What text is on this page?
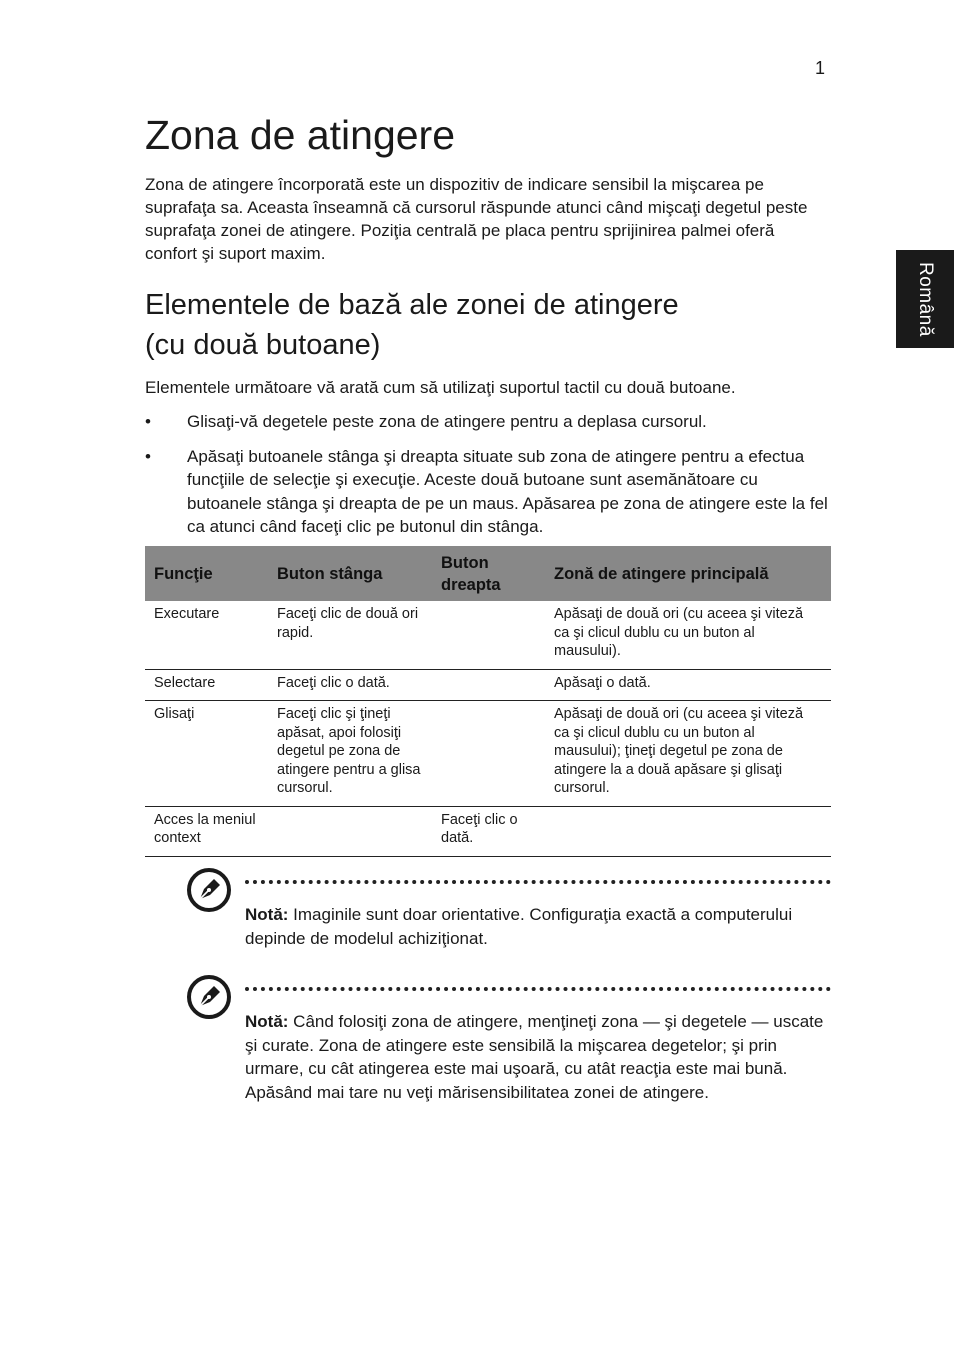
1
Română
Zona de atingere

Zona de atingere încorporată este un dispozitiv de indicare sensibil la mişcarea pe suprafaţa sa. Aceasta înseamnă că cursorul răspunde atunci când mişcaţi degetul peste suprafaţa zonei de atingere. Poziţia centrală pe placa pentru sprijinirea palmei oferă confort şi suport maxim.

Elementele de bază ale zonei de atingere
(cu două butoane)

Elementele următoare vă arată cum să utilizaţi suportul tactil cu două butoane.

• Glisaţi-vă degetele peste zona de atingere pentru a deplasa cursorul.
• Apăsaţi butoanele stânga şi dreapta situate sub zona de atingere pentru a efectua funcţiile de selecţie şi execuţie. Aceste două butoane sunt asemănătoare cu butoanele stânga şi dreapta de pe un maus. Apăsarea pe zona de atingere este la fel ca atunci când faceţi clic pe butonul din stânga.
Funcţie	Buton stânga	Buton dreapta	Zonă de atingere principală
Executare	Faceţi clic de două ori rapid.		Apăsaţi de două ori (cu aceea şi viteză ca şi clicul dublu cu un buton al mausului).
Selectare	Faceţi clic o dată.		Apăsaţi o dată.
Glisaţi	Faceţi clic şi ţineţi apăsat, apoi folosiţi degetul pe zona de atingere pentru a glisa cursorul.		Apăsaţi de două ori (cu aceea şi viteză ca şi clicul dublu cu un buton al mausului); ţineţi degetul pe zona de atingere la a două apăsare şi glisaţi cursorul.
Acces la meniul context		Faceţi clic o dată.	

Notă: Imaginile sunt doar orientative. Configuraţia exactă a computerului depinde de modelul achiziţionat.

Notă: Când folosiţi zona de atingere, menţineţi zona — şi degetele — uscate şi curate. Zona de atingere este sensibilă la mişcarea degetelor; şi prin urmare, cu cât atingerea este mai uşoară, cu atât reacţia este mai bună. Apăsând mai tare nu veţi mărisensibilitatea zonei de atingere.
